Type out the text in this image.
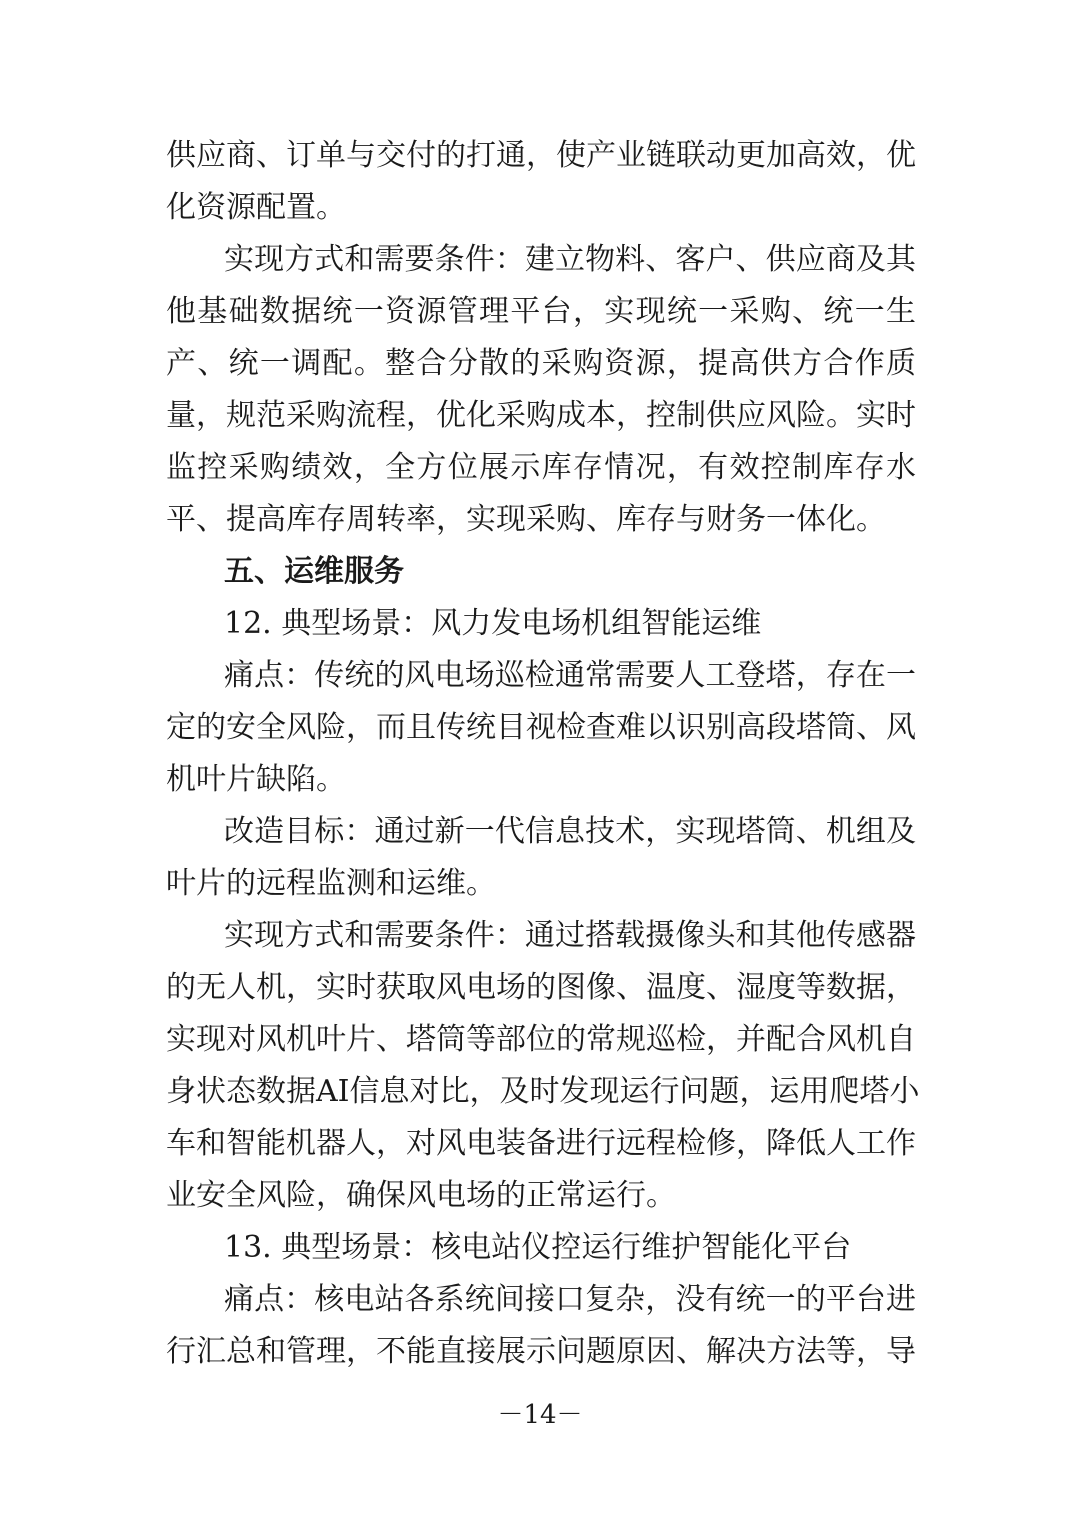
供应商、订单与交付的打通，使产业链联动更加高效，优
化资源配置。
实现方式和需要条件：建立物料、客户、供应商及其
他基础数据统一资源管理平台，实现统一采购、统一生
产、统一调配。整合分散的采购资源，提高供方合作质
量，规范采购流程，优化采购成本，控制供应风险。实时
监控采购绩效，全方位展示库存情况，有效控制库存水
平、提高库存周转率，实现采购、库存与财务一体化。
五、运维服务
12. 典型场景：风力发电场机组智能运维
痛点：传统的风电场巡检通常需要人工登塔，存在一
定的安全风险，而且传统目视检查难以识别高段塔筒、风
机叶片缺陷。
改造目标：通过新一代信息技术，实现塔筒、机组及
叶片的远程监测和运维。
实现方式和需要条件：通过搭载摄像头和其他传感器
的无人机，实时获取风电场的图像、温度、湿度等数据，
实现对风机叶片、塔筒等部位的常规巡检，并配合风机自
身状态数据AI信息对比，及时发现运行问题，运用爬塔小
车和智能机器人，对风电装备进行远程检修，降低人工作
业安全风险，确保风电场的正常运行。
13. 典型场景：核电站仪控运行维护智能化平台
痛点：核电站各系统间接口复杂，没有统一的平台进
行汇总和管理，不能直接展示问题原因、解决方法等，导
－14－
